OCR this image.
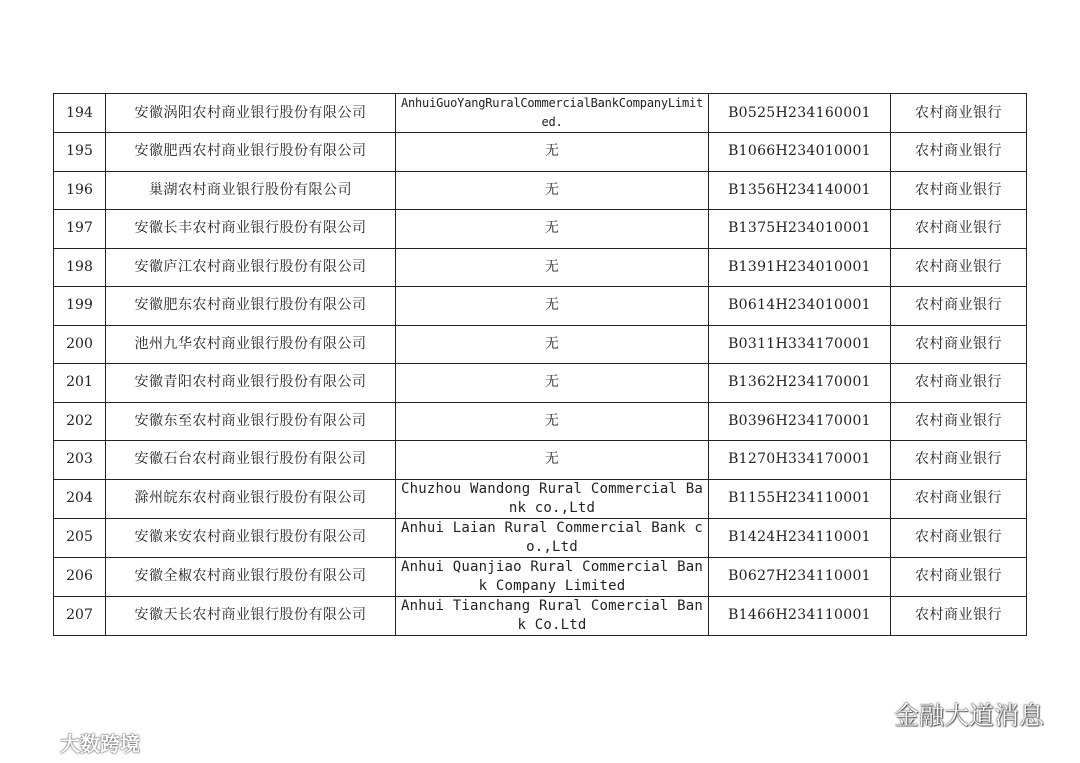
194	安徽涡阳农村商业银行股份有限公司	AnhuiGuoYangRuralCommercialBankCompanyLimited.	B0525H234160001	农村商业银行
195	安徽肥西农村商业银行股份有限公司	无	B1066H234010001	农村商业银行
196	巢湖农村商业银行股份有限公司	无	B1356H234140001	农村商业银行
197	安徽长丰农村商业银行股份有限公司	无	B1375H234010001	农村商业银行
198	安徽庐江农村商业银行股份有限公司	无	B1391H234010001	农村商业银行
199	安徽肥东农村商业银行股份有限公司	无	B0614H234010001	农村商业银行
200	池州九华农村商业银行股份有限公司	无	B0311H334170001	农村商业银行
201	安徽青阳农村商业银行股份有限公司	无	B1362H234170001	农村商业银行
202	安徽东至农村商业银行股份有限公司	无	B0396H234170001	农村商业银行
203	安徽石台农村商业银行股份有限公司	无	B1270H334170001	农村商业银行
204	滁州皖东农村商业银行股份有限公司	Chuzhou Wandong Rural Commercial Bank co.,Ltd	B1155H234110001	农村商业银行
205	安徽来安农村商业银行股份有限公司	Anhui Laian Rural Commercial Bank co.,Ltd	B1424H234110001	农村商业银行
206	安徽全椒农村商业银行股份有限公司	Anhui Quanjiao Rural Commercial Bank Company Limited	B0627H234110001	农村商业银行
207	安徽天长农村商业银行股份有限公司	Anhui Tianchang Rural Comercial Bank Co.Ltd	B1466H234110001	农村商业银行
大数跨境
金融大道消息
